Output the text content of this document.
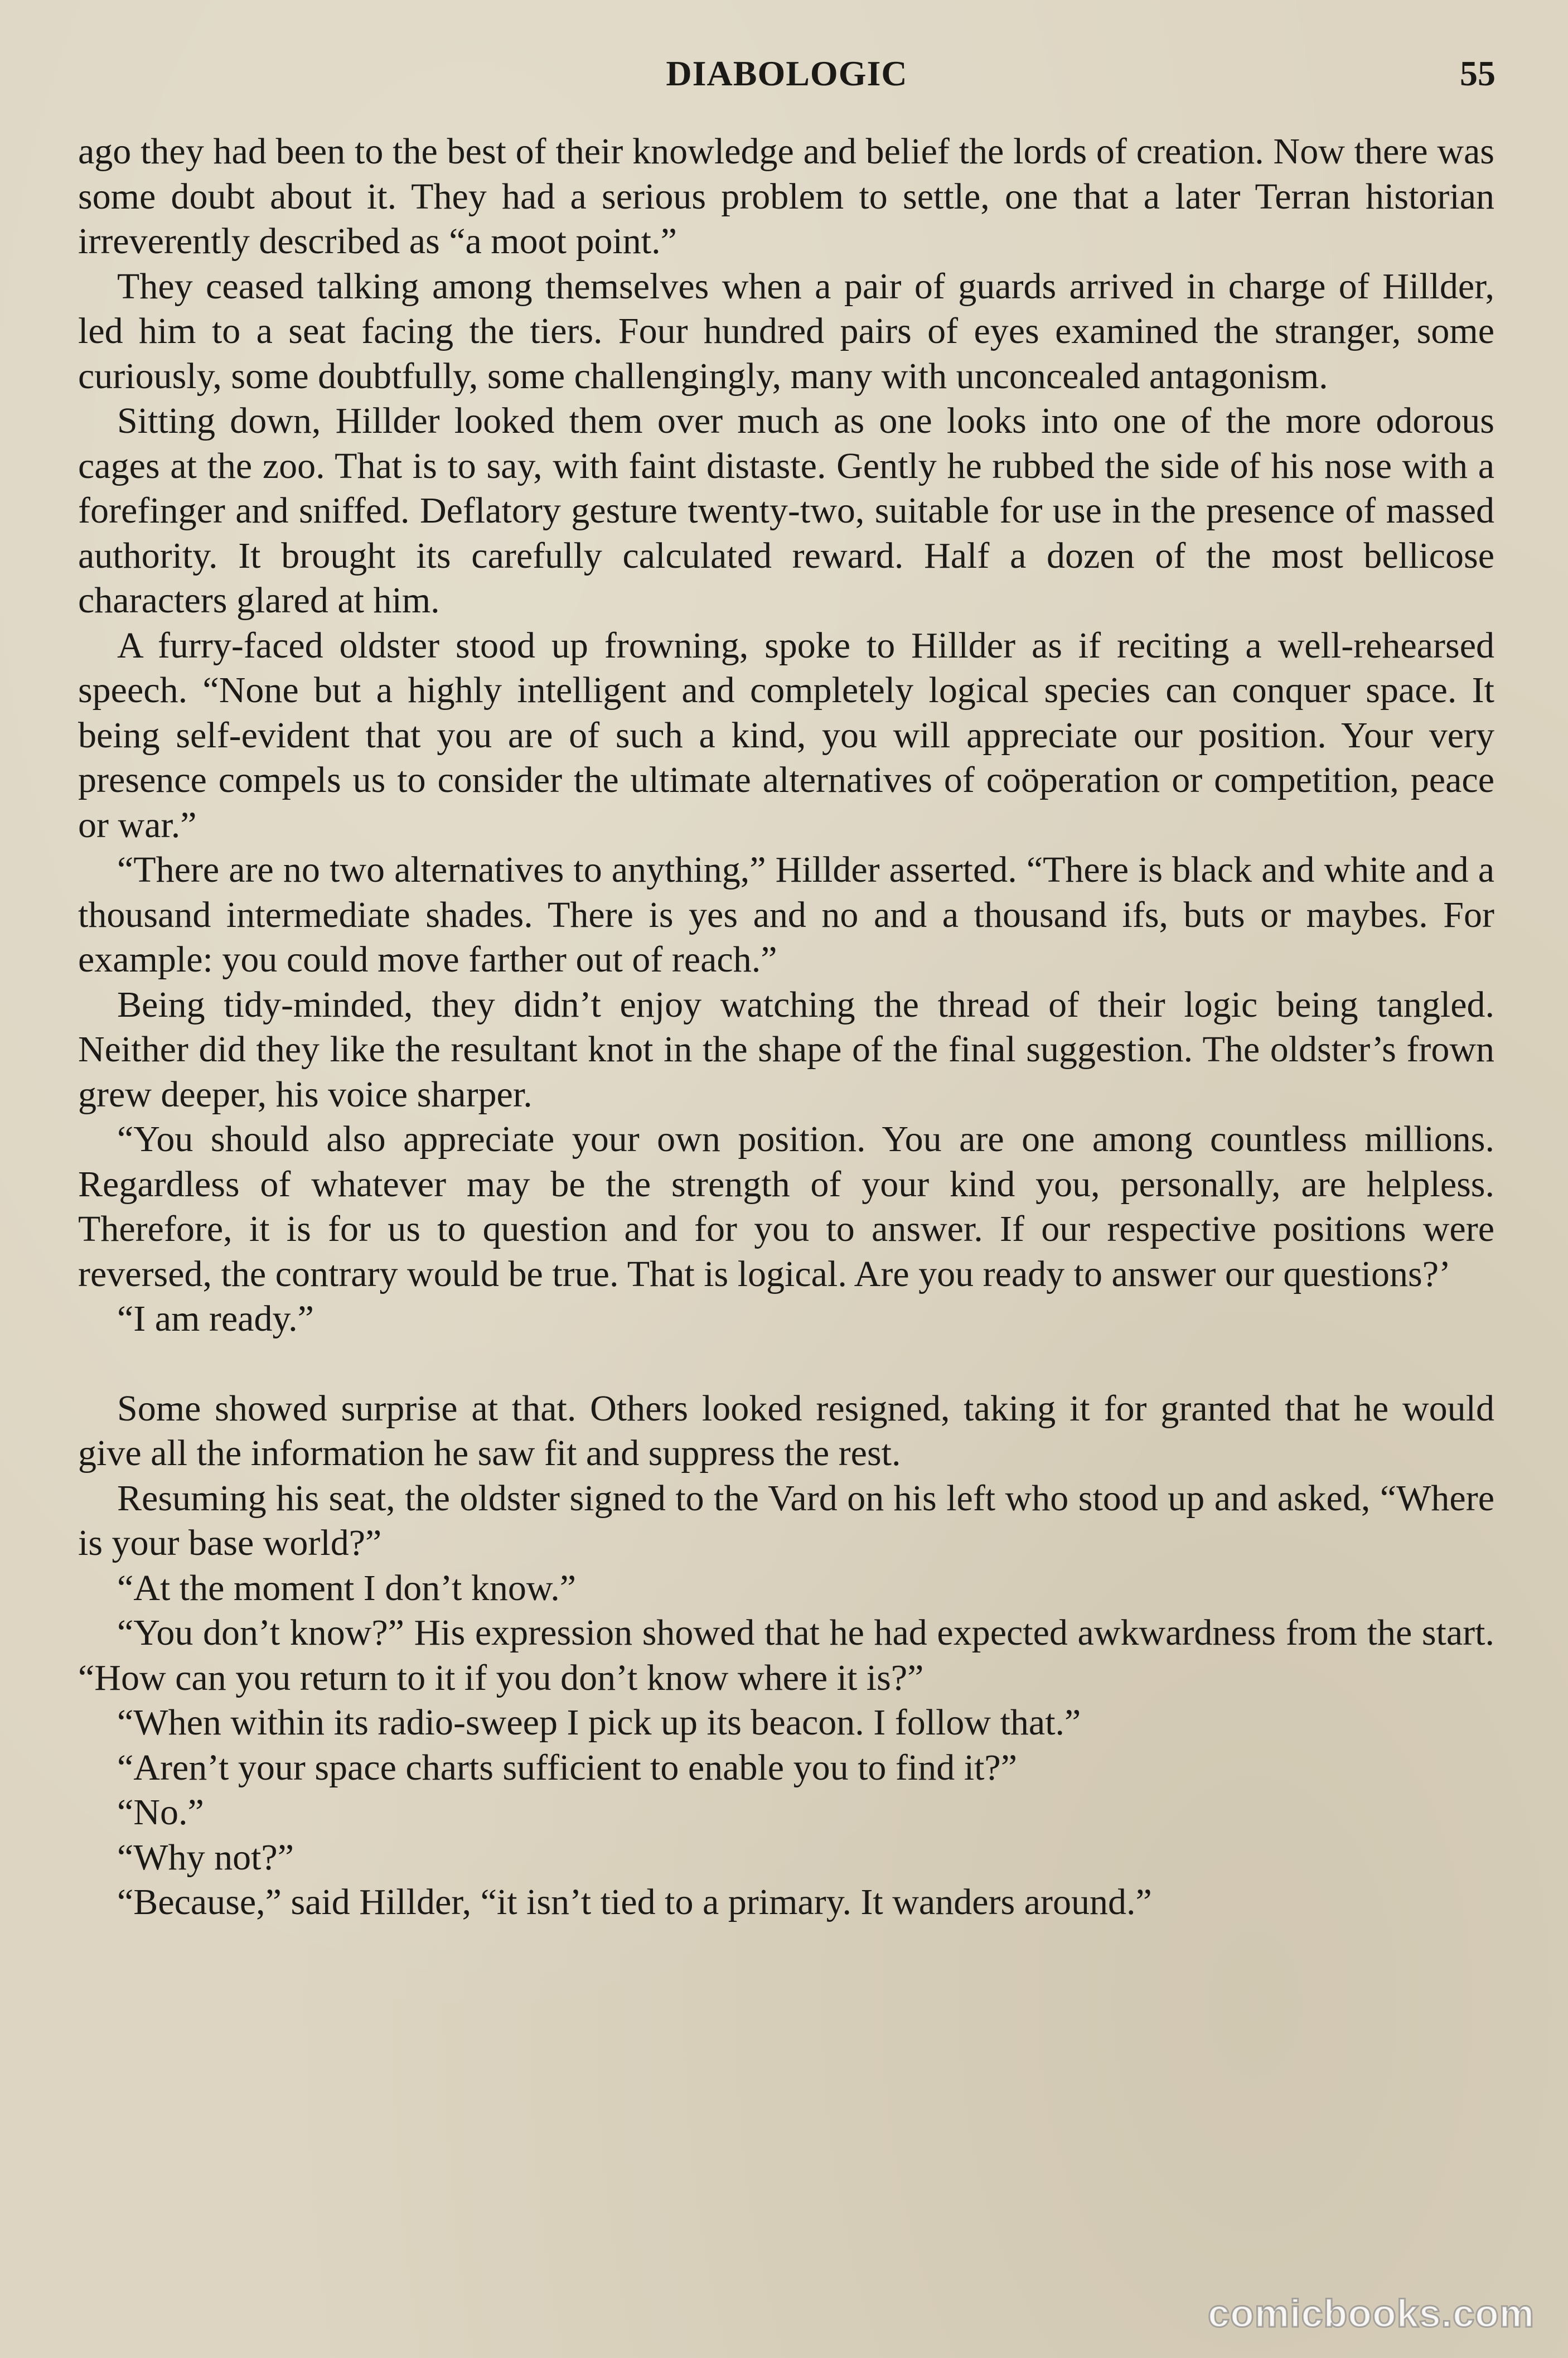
DIABOLOGIC	55

ago they had been to the best of their knowledge and belief the lords of creation. Now there was some doubt about it. They had a serious problem to settle, one that a later Terran historian irreverently described as “a moot point.”

They ceased talking among themselves when a pair of guards arrived in charge of Hillder, led him to a seat facing the tiers. Four hundred pairs of eyes examined the stranger, some curiously, some doubtfully, some challengingly, many with unconcealed antagonism.

Sitting down, Hillder looked them over much as one looks into one of the more odorous cages at the zoo. That is to say, with faint distaste. Gently he rubbed the side of his nose with a forefinger and sniffed. Deflatory gesture twenty-two, suitable for use in the presence of massed authority. It brought its carefully calculated reward. Half a dozen of the most bellicose characters glared at him.

A furry-faced oldster stood up frowning, spoke to Hillder as if reciting a well-rehearsed speech. “None but a highly intelligent and completely logical species can conquer space. It being self-evident that you are of such a kind, you will appreciate our position. Your very presence compels us to consider the ultimate alternatives of coöperation or competition, peace or war.”

“There are no two alternatives to anything,” Hillder asserted. “There is black and white and a thousand intermediate shades. There is yes and no and a thousand ifs, buts or maybes. For example: you could move farther out of reach.”

Being tidy-minded, they didn’t enjoy watching the thread of their logic being tangled. Neither did they like the resultant knot in the shape of the final suggestion. The oldster’s frown grew deeper, his voice sharper.

“You should also appreciate your own position. You are one among countless millions. Regardless of whatever may be the strength of your kind you, personally, are helpless. Therefore, it is for us to question and for you to answer. If our respective positions were reversed, the contrary would be true. That is logical. Are you ready to answer our questions?’

“I am ready.”

Some showed surprise at that. Others looked resigned, taking it for granted that he would give all the information he saw fit and suppress the rest.

Resuming his seat, the oldster signed to the Vard on his left who stood up and asked, “Where is your base world?”

“At the moment I don’t know.”

“You don’t know?” His expression showed that he had expected awkwardness from the start. “How can you return to it if you don’t know where it is?”

“When within its radio-sweep I pick up its beacon. I follow that.”

“Aren’t your space charts sufficient to enable you to find it?”

“No.”

“Why not?”

“Because,” said Hillder, “it isn’t tied to a primary. It wanders around.”

comicbooks.com
